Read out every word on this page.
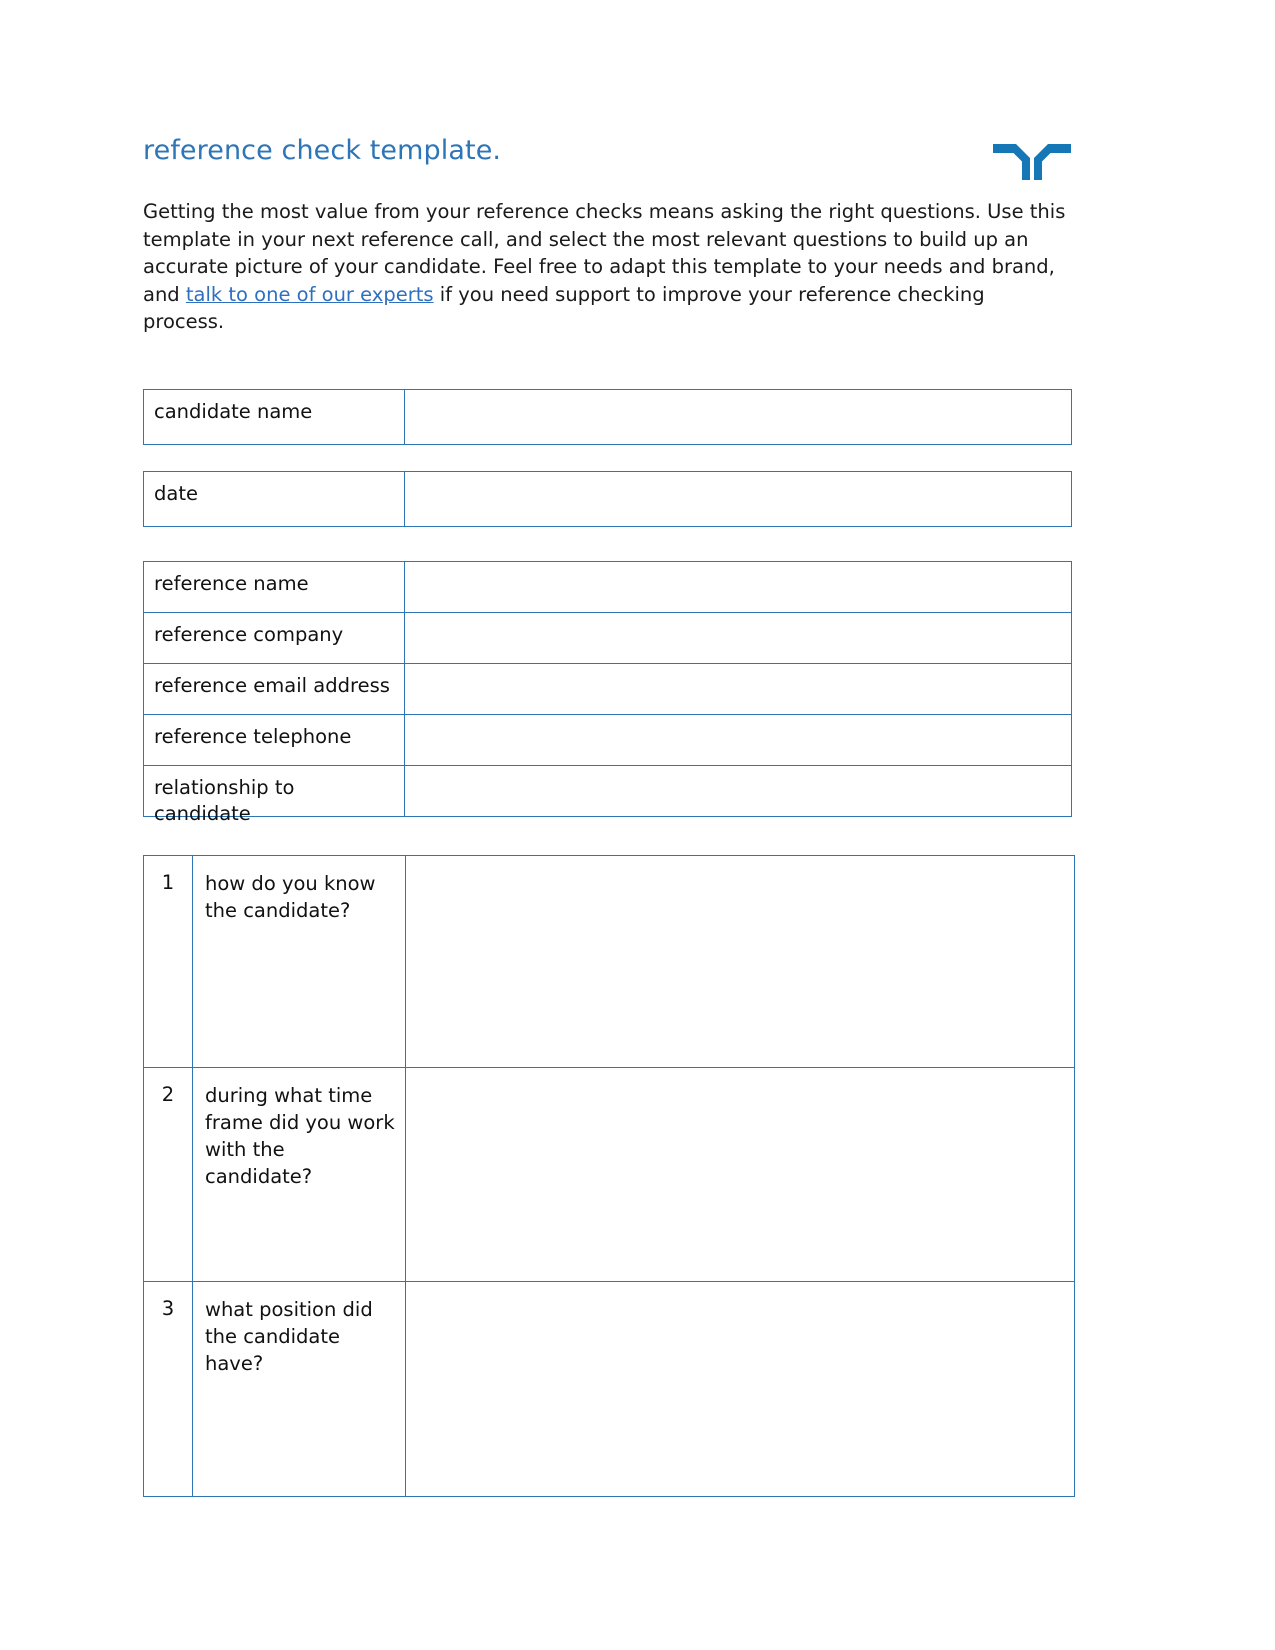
reference check template.

Getting the most value from your reference checks means asking the right questions. Use this template in your next reference call, and select the most relevant questions to build up an accurate picture of your candidate. Feel free to adapt this template to your needs and brand, and talk to one of our experts if you need support to improve your reference checking process.

candidate name

date

reference name	

reference company	

reference email address	

reference telephone	

relationship to candidate	

1	how do you know the candidate?	

2	during what time frame did you work with the candidate?	

3	what position did the candidate have?	
